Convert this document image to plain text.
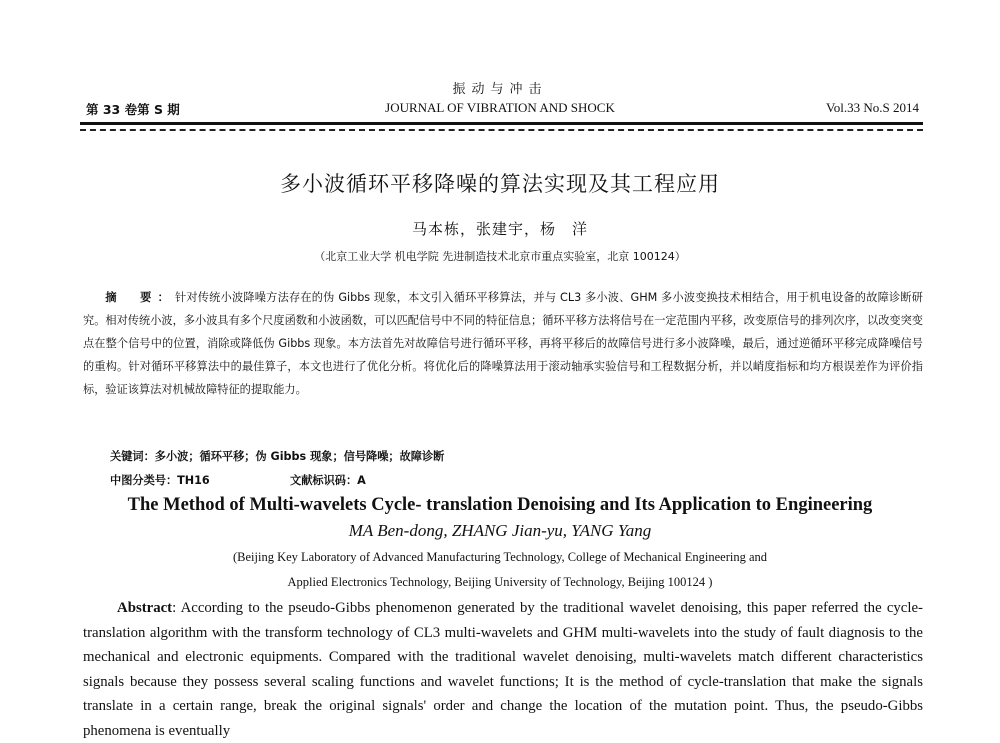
振动与冲击
第 33 卷第 S 期	JOURNAL OF VIBRATION AND SHOCK	Vol.33 No.S 2014
多小波循环平移降噪的算法实现及其工程应用
马本栋，张建宇，杨　洋
（北京工业大学 机电学院 先进制造技术北京市重点实验室，北京 100124）
摘　要：针对传统小波降噪方法存在的伪 Gibbs 现象，本文引入循环平移算法，并与 CL3 多小波、GHM 多小波变换技术相结合，用于机电设备的故障诊断研究。相对传统小波，多小波具有多个尺度函数和小波函数，可以匹配信号中不同的特征信息；循环平移方法将信号在一定范围内平移，改变原信号的排列次序，以改变突变点在整个信号中的位置，消除或降低伪 Gibbs 现象。本方法首先对故障信号进行循环平移，再将平移后的故障信号进行多小波降噪，最后，通过逆循环平移完成降噪信号的重构。针对循环平移算法中的最佳算子，本文也进行了优化分析。将优化后的降噪算法用于滚动轴承实验信号和工程数据分析，并以峭度指标和均方根误差作为评价指标，验证该算法对机械故障特征的提取能力。
关键词：多小波；循环平移；伪 Gibbs 现象；信号降噪；故障诊断
中图分类号：TH16	文献标识码：A
The Method of Multi-wavelets Cycle- translation Denoising and Its Application to Engineering
MA Ben-dong, ZHANG Jian-yu, YANG Yang
(Beijing Key Laboratory of Advanced Manufacturing Technology, College of Mechanical Engineering and
Applied Electronics Technology, Beijing University of Technology, Beijing 100124 )
Abstract: According to the pseudo-Gibbs phenomenon generated by the traditional wavelet denoising, this paper referred the cycle-translation algorithm with the transform technology of CL3 multi-wavelets and GHM multi-wavelets into the study of fault diagnosis to the mechanical and electronic equipments. Compared with the traditional wavelet denoising, multi-wavelets match different characteristics signals because they possess several scaling functions and wavelet functions; It is the method of cycle-translation that make the signals translate in a certain range, break the original signals' order and change the location of the mutation point. Thus, the pseudo-Gibbs phenomena is eventually
